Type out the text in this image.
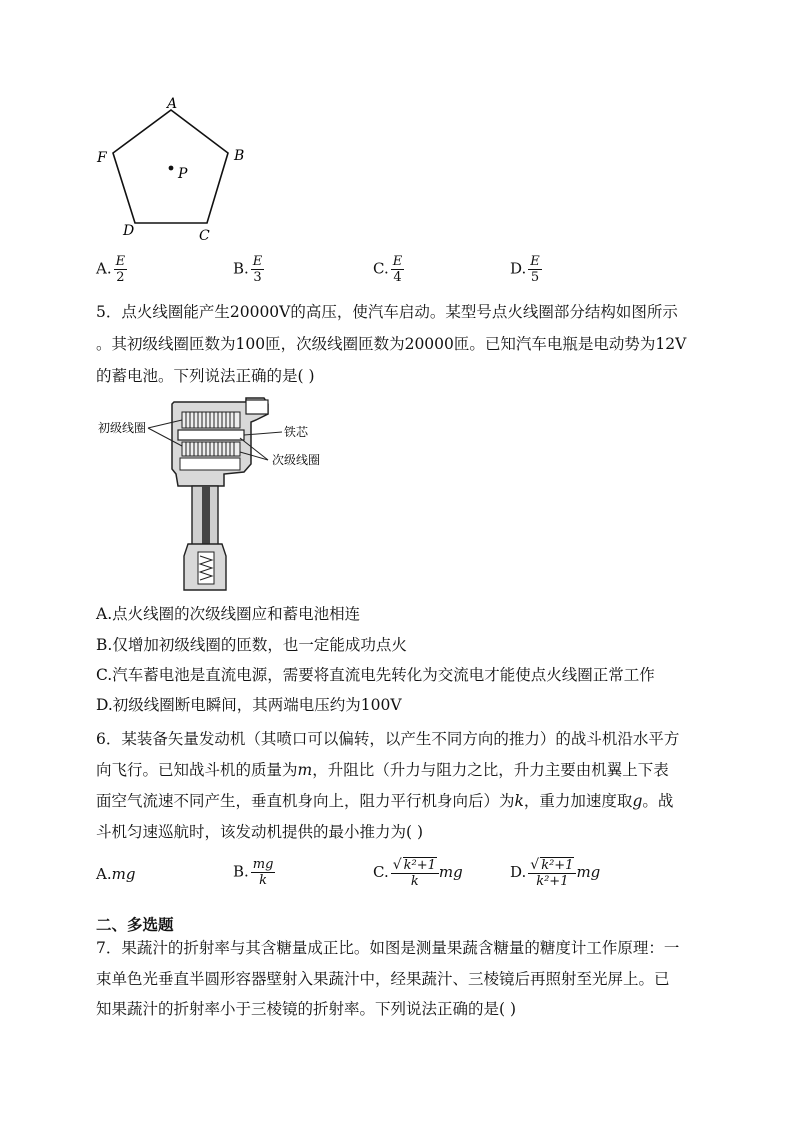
A
B
C
D
F
P
A. $\frac{E}{2}$	B. $\frac{E}{3}$	C. $\frac{E}{4}$	D. $\frac{E}{5}$
5．点火线圈能产生20000V的高压，使汽车启动。某型号点火线圈部分结构如图所示
。其初级线圈匝数为100匝，次级线圈匝数为20000匝。已知汽车电瓶是电动势为12V
的蓄电池。下列说法正确的是( )
初级线圈	铁芯
次级线圈
A.点火线圈的次级线圈应和蓄电池相连
B.仅增加初级线圈的匝数，也一定能成功点火
C.汽车蓄电池是直流电源，需要将直流电先转化为交流电才能使点火线圈正常工作
D.初级线圈断电瞬间，其两端电压约为100V
6．某装备矢量发动机（其喷口可以偏转，以产生不同方向的推力）的战斗机沿水平方
向飞行。已知战斗机的质量为m，升阻比（升力与阻力之比，升力主要由机翼上下表
面空气流速不同产生，垂直机身向上，阻力平行机身向后）为k，重力加速度取g。战
斗机匀速巡航时，该发动机提供的最小推力为( )
A.mg	B. $\frac{mg}{k}$	C. $\frac{\text{√ k²+1}}{k}$ mg	D. $\frac{\text{√ k²+1}}{\text{k²+1}}$ mg
二、多选题
7．果蔬汁的折射率与其含糖量成正比。如图是测量果蔬含糖量的糖度计工作原理：一
束单色光垂直半圆形容器壁射入果蔬汁中，经果蔬汁、三棱镜后再照射至光屏上。已
知果蔬汁的折射率小于三棱镜的折射率。下列说法正确的是( )
